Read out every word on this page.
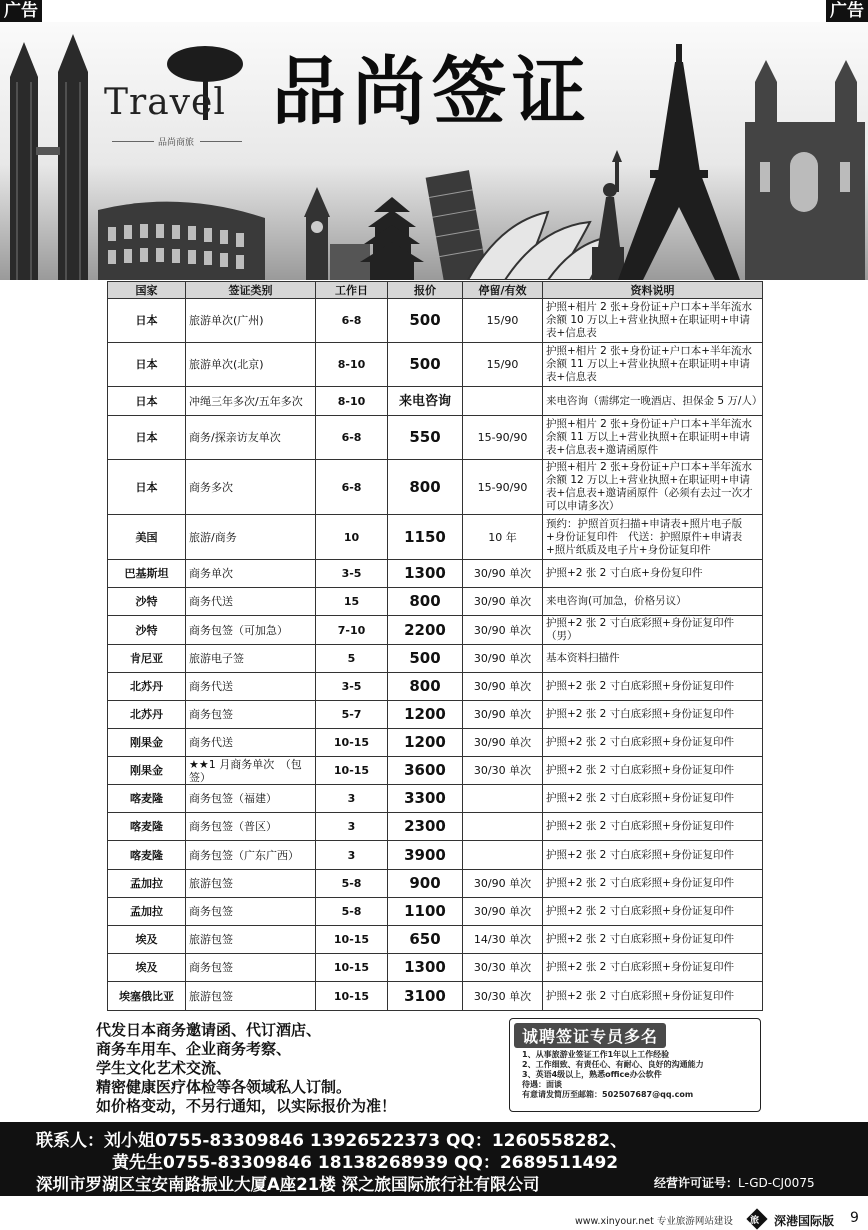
广告	广告
Travel
品尚商旅
品尚签证
国家	签证类别	工作日	报价	停留/有效	资料说明
日本	旅游单次(广州)	6-8	500	15/90	护照+相片 2 张+身份证+户口本+半年流水余额 10 万以上+营业执照+在职证明+申请表+信息表
日本	旅游单次(北京)	8-10	500	15/90	护照+相片 2 张+身份证+户口本+半年流水余额 11 万以上+营业执照+在职证明+申请表+信息表
日本	冲绳三年多次/五年多次	8-10	来电咨询		来电咨询（需绑定一晚酒店、担保金 5 万/人）
日本	商务/探亲访友单次	6-8	550	15-90/90	护照+相片 2 张+身份证+户口本+半年流水余额 11 万以上+营业执照+在职证明+申请表+信息表+邀请函原件
日本	商务多次	6-8	800	15-90/90	护照+相片 2 张+身份证+户口本+半年流水余额 12 万以上+营业执照+在职证明+申请表+信息表+邀请函原件（必须有去过一次才可以申请多次）
美国	旅游/商务	10	1150	10 年	预约：护照首页扫描+申请表+照片电子版+身份证复印件　代送：护照原件+申请表+照片纸质及电子片+身份证复印件
巴基斯坦	商务单次	3-5	1300	30/90 单次	护照+2 张 2 寸白底+身份复印件
沙特	商务代送	15	800	30/90 单次	来电咨询(可加急，价格另议）
沙特	商务包签（可加急）	7-10	2200	30/90 单次	护照+2 张 2 寸白底彩照+身份证复印件（男）
肯尼亚	旅游电子签	5	500	30/90 单次	基本资料扫描件
北苏丹	商务代送	3-5	800	30/90 单次	护照+2 张 2 寸白底彩照+身份证复印件
北苏丹	商务包签	5-7	1200	30/90 单次	护照+2 张 2 寸白底彩照+身份证复印件
刚果金	商务代送	10-15	1200	30/90 单次	护照+2 张 2 寸白底彩照+身份证复印件
刚果金	★★1 月商务单次　（包签）	10-15	3600	30/30 单次	护照+2 张 2 寸白底彩照+身份证复印件
喀麦隆	商务包签（福建）	3	3300		护照+2 张 2 寸白底彩照+身份证复印件
喀麦隆	商务包签（普区）	3	2300		护照+2 张 2 寸白底彩照+身份证复印件
喀麦隆	商务包签（广东广西）	3	3900		护照+2 张 2 寸白底彩照+身份证复印件
孟加拉	旅游包签	5-8	900	30/90 单次	护照+2 张 2 寸白底彩照+身份证复印件
孟加拉	商务包签	5-8	1100	30/90 单次	护照+2 张 2 寸白底彩照+身份证复印件
埃及	旅游包签	10-15	650	14/30 单次	护照+2 张 2 寸白底彩照+身份证复印件
埃及	商务包签	10-15	1300	30/30 单次	护照+2 张 2 寸白底彩照+身份证复印件
埃塞俄比亚	旅游包签	10-15	3100	30/30 单次	护照+2 张 2 寸白底彩照+身份证复印件
代发日本商务邀请函、代订酒店、
商务车用车、企业商务考察、
学生文化艺术交流、
精密健康医疗体检等各领域私人订制。
如价格变动，不另行通知，以实际报价为准！
诚聘签证专员多名
1、从事旅游业签证工作1年以上工作经验
2、工作细致、有责任心、有耐心、良好的沟通能力
3、英语4级以上，熟悉office办公软件
待遇：面谈
有意请发简历至邮箱：502507687@qq.com
联系人：刘小姐0755-83309846 13926522373 QQ：1260558282、
黄先生0755-83309846 18138268939 QQ：2689511492
深圳市罗湖区宝安南路振业大厦A座21楼 深之旅国际旅行社有限公司	经营许可证号：L-GD-CJ0075
www.xinyour.net 专业旅游网站建设 旅 深港国际版 9
